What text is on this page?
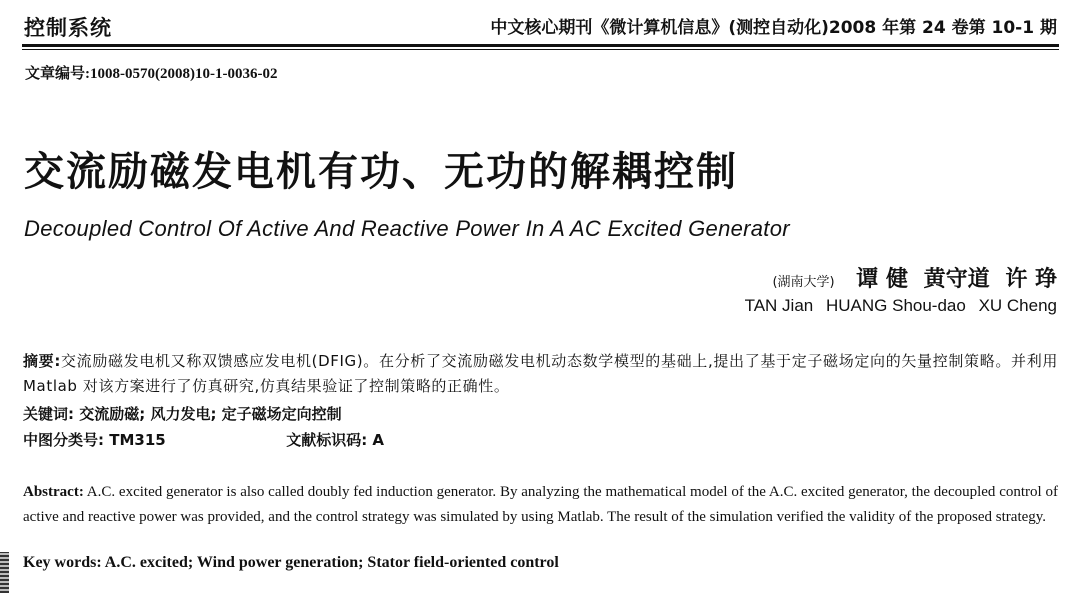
控制系统	中文核心期刊《微计算机信息》(测控自动化)2008 年第 24 卷第 10-1 期
文章编号:1008-0570(2008)10-1-0036-02
交流励磁发电机有功、无功的解耦控制
Decoupled Control Of Active And Reactive Power In A AC Excited Generator
(湖南大学) 谭 健 黄守道 许 琤
TAN Jian HUANG Shou-dao XU Cheng
摘要:交流励磁发电机又称双馈感应发电机(DFIG)。在分析了交流励磁发电机动态数学模型的基础上,提出了基于定子磁场定向的矢量控制策略。并利用 Matlab 对该方案进行了仿真研究,仿真结果验证了控制策略的正确性。
关键词: 交流励磁; 风力发电; 定子磁场定向控制
中图分类号: TM315	文献标识码: A
Abstract: A.C. excited generator is also called doubly fed induction generator. By analyzing the mathematical model of the A.C. excited generator, the decoupled control of active and reactive power was provided, and the control strategy was simulated by using Matlab. The result of the simulation verified the validity of the proposed strategy.
Key words: A.C. excited; Wind power generation; Stator field-oriented control
